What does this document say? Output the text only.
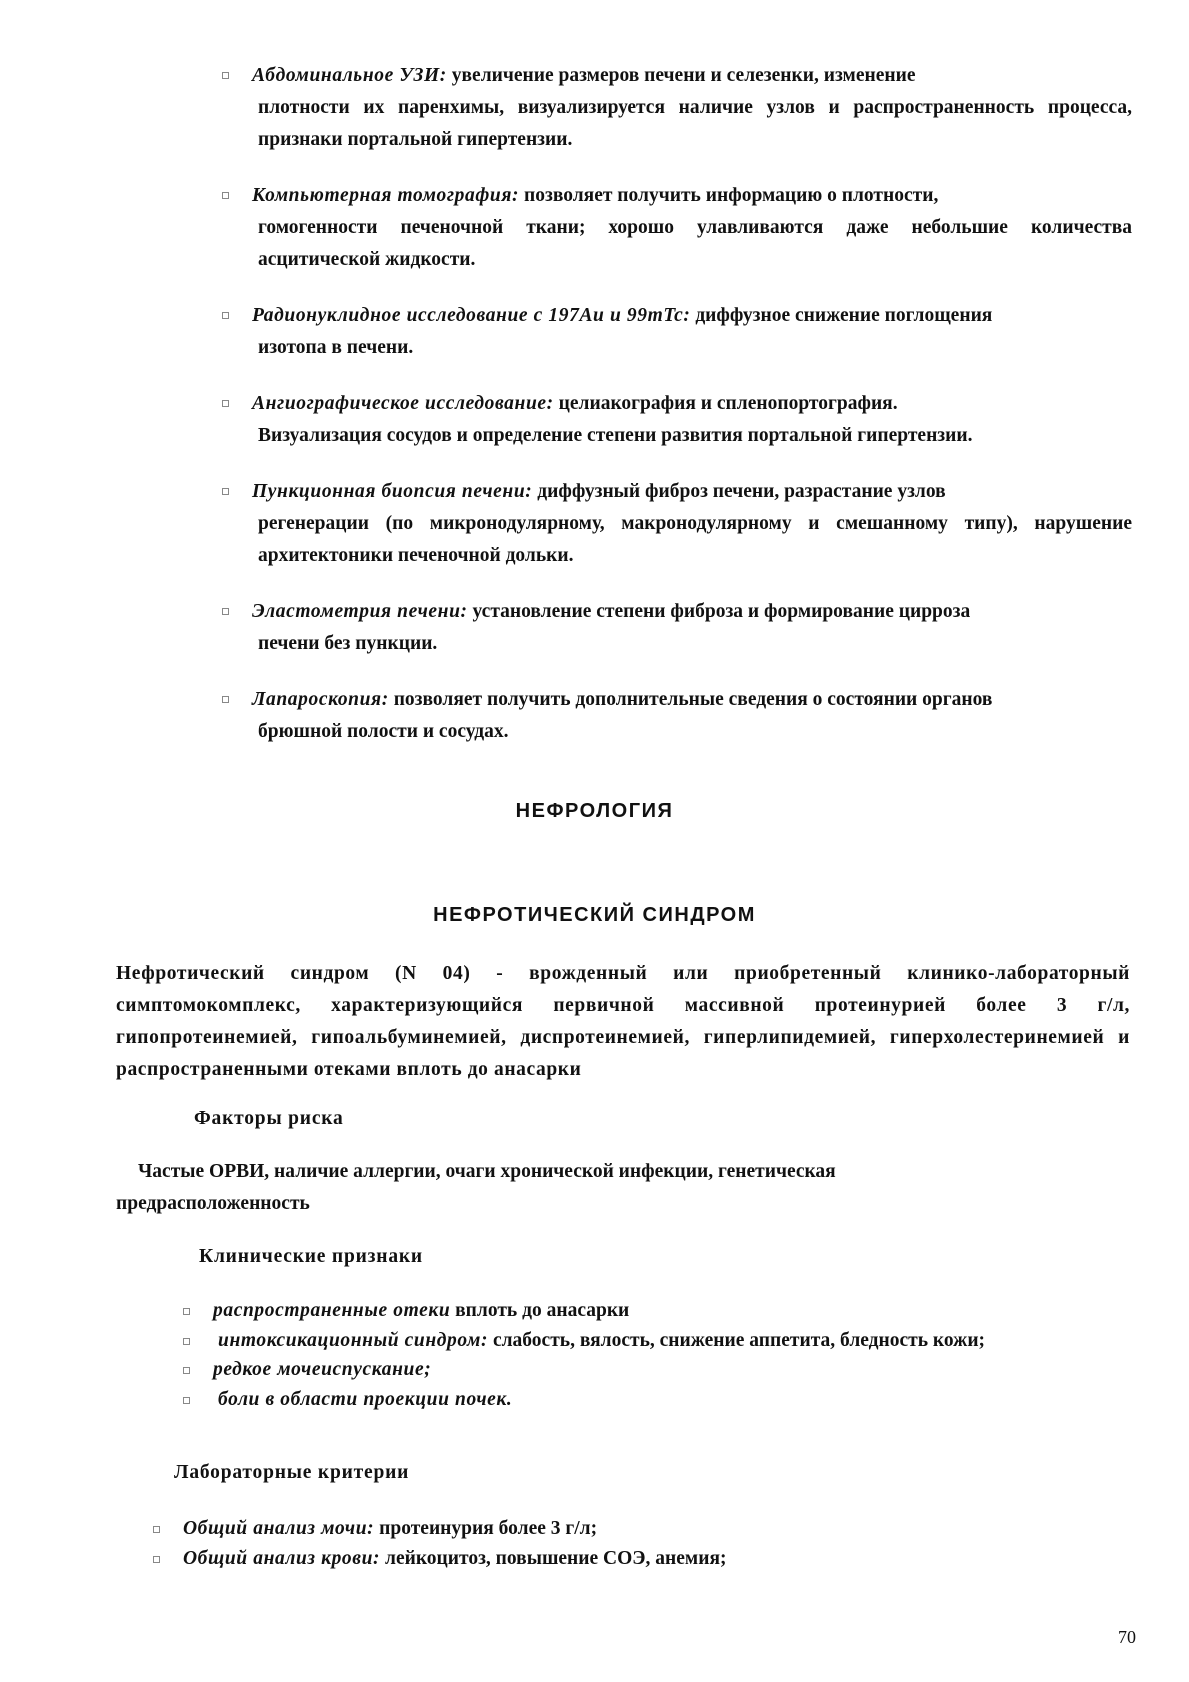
Абдоминальное УЗИ: увеличение размеров печени и селезенки, изменение
плотности их паренхимы, визуализируется наличие узлов и распространенность процесса, признаки портальной гипертензии.
Компьютерная томография: позволяет получить информацию о плотности,
гомогенности печеночной ткани; хорошо улавливаются даже небольшие количества асцитической жидкости.
Радионуклидное исследование с 197Au и 99mTc: диффузное снижение поглощения
изотопа в печени.
Ангиографическое исследование: целиакография и спленопортография.
Визуализация сосудов и определение степени развития портальной гипертензии.
Пункционная биопсия печени: диффузный фиброз печени, разрастание узлов
регенерации (по микронодулярному, макронодулярному и смешанному типу), нарушение архитектоники печеночной дольки.
Эластометрия печени: установление степени фиброза и формирование цирроза
печени без пункции.
Лапароскопия: позволяет получить дополнительные сведения о состоянии органов
брюшной полости и сосудах.
НЕФРОЛОГИЯ
НЕФРОТИЧЕСКИЙ СИНДРОМ

Нефротический синдром (N 04) - врожденный или приобретенный клинико-лабораторный симптомокомплекс, характеризующийся первичной массивной протеинурией более 3 г/л, гипопротеинемией, гипоальбуминемией, диспротеинемией, гиперлипидемией, гиперхолестеринемией и распространенными отеками вплоть до анасарки

Факторы риска

Частые ОРВИ, наличие аллергии, очаги хронической инфекции, генетическая предрасположенность

Клинические признаки
распространенные отеки вплоть до анасарки
интоксикационный синдром: слабость, вялость, снижение аппетита, бледность кожи;
редкое мочеиспускание;
боли в области проекции почек.
Лабораторные критерии
Общий анализ мочи: протеинурия более 3 г/л;
Общий анализ крови: лейкоцитоз, повышение СОЭ, анемия;
70
